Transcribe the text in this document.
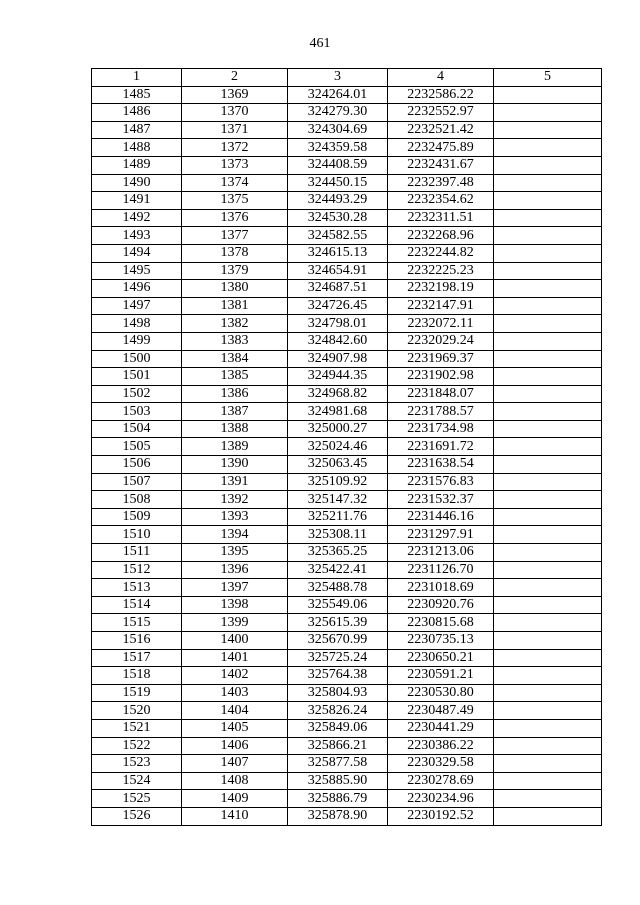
461
1	2	3	4	5
1485	1369	324264.01	2232586.22	
1486	1370	324279.30	2232552.97	
1487	1371	324304.69	2232521.42	
1488	1372	324359.58	2232475.89	
1489	1373	324408.59	2232431.67	
1490	1374	324450.15	2232397.48	
1491	1375	324493.29	2232354.62	
1492	1376	324530.28	2232311.51	
1493	1377	324582.55	2232268.96	
1494	1378	324615.13	2232244.82	
1495	1379	324654.91	2232225.23	
1496	1380	324687.51	2232198.19	
1497	1381	324726.45	2232147.91	
1498	1382	324798.01	2232072.11	
1499	1383	324842.60	2232029.24	
1500	1384	324907.98	2231969.37	
1501	1385	324944.35	2231902.98	
1502	1386	324968.82	2231848.07	
1503	1387	324981.68	2231788.57	
1504	1388	325000.27	2231734.98	
1505	1389	325024.46	2231691.72	
1506	1390	325063.45	2231638.54	
1507	1391	325109.92	2231576.83	
1508	1392	325147.32	2231532.37	
1509	1393	325211.76	2231446.16	
1510	1394	325308.11	2231297.91	
1511	1395	325365.25	2231213.06	
1512	1396	325422.41	2231126.70	
1513	1397	325488.78	2231018.69	
1514	1398	325549.06	2230920.76	
1515	1399	325615.39	2230815.68	
1516	1400	325670.99	2230735.13	
1517	1401	325725.24	2230650.21	
1518	1402	325764.38	2230591.21	
1519	1403	325804.93	2230530.80	
1520	1404	325826.24	2230487.49	
1521	1405	325849.06	2230441.29	
1522	1406	325866.21	2230386.22	
1523	1407	325877.58	2230329.58	
1524	1408	325885.90	2230278.69	
1525	1409	325886.79	2230234.96	
1526	1410	325878.90	2230192.52	
